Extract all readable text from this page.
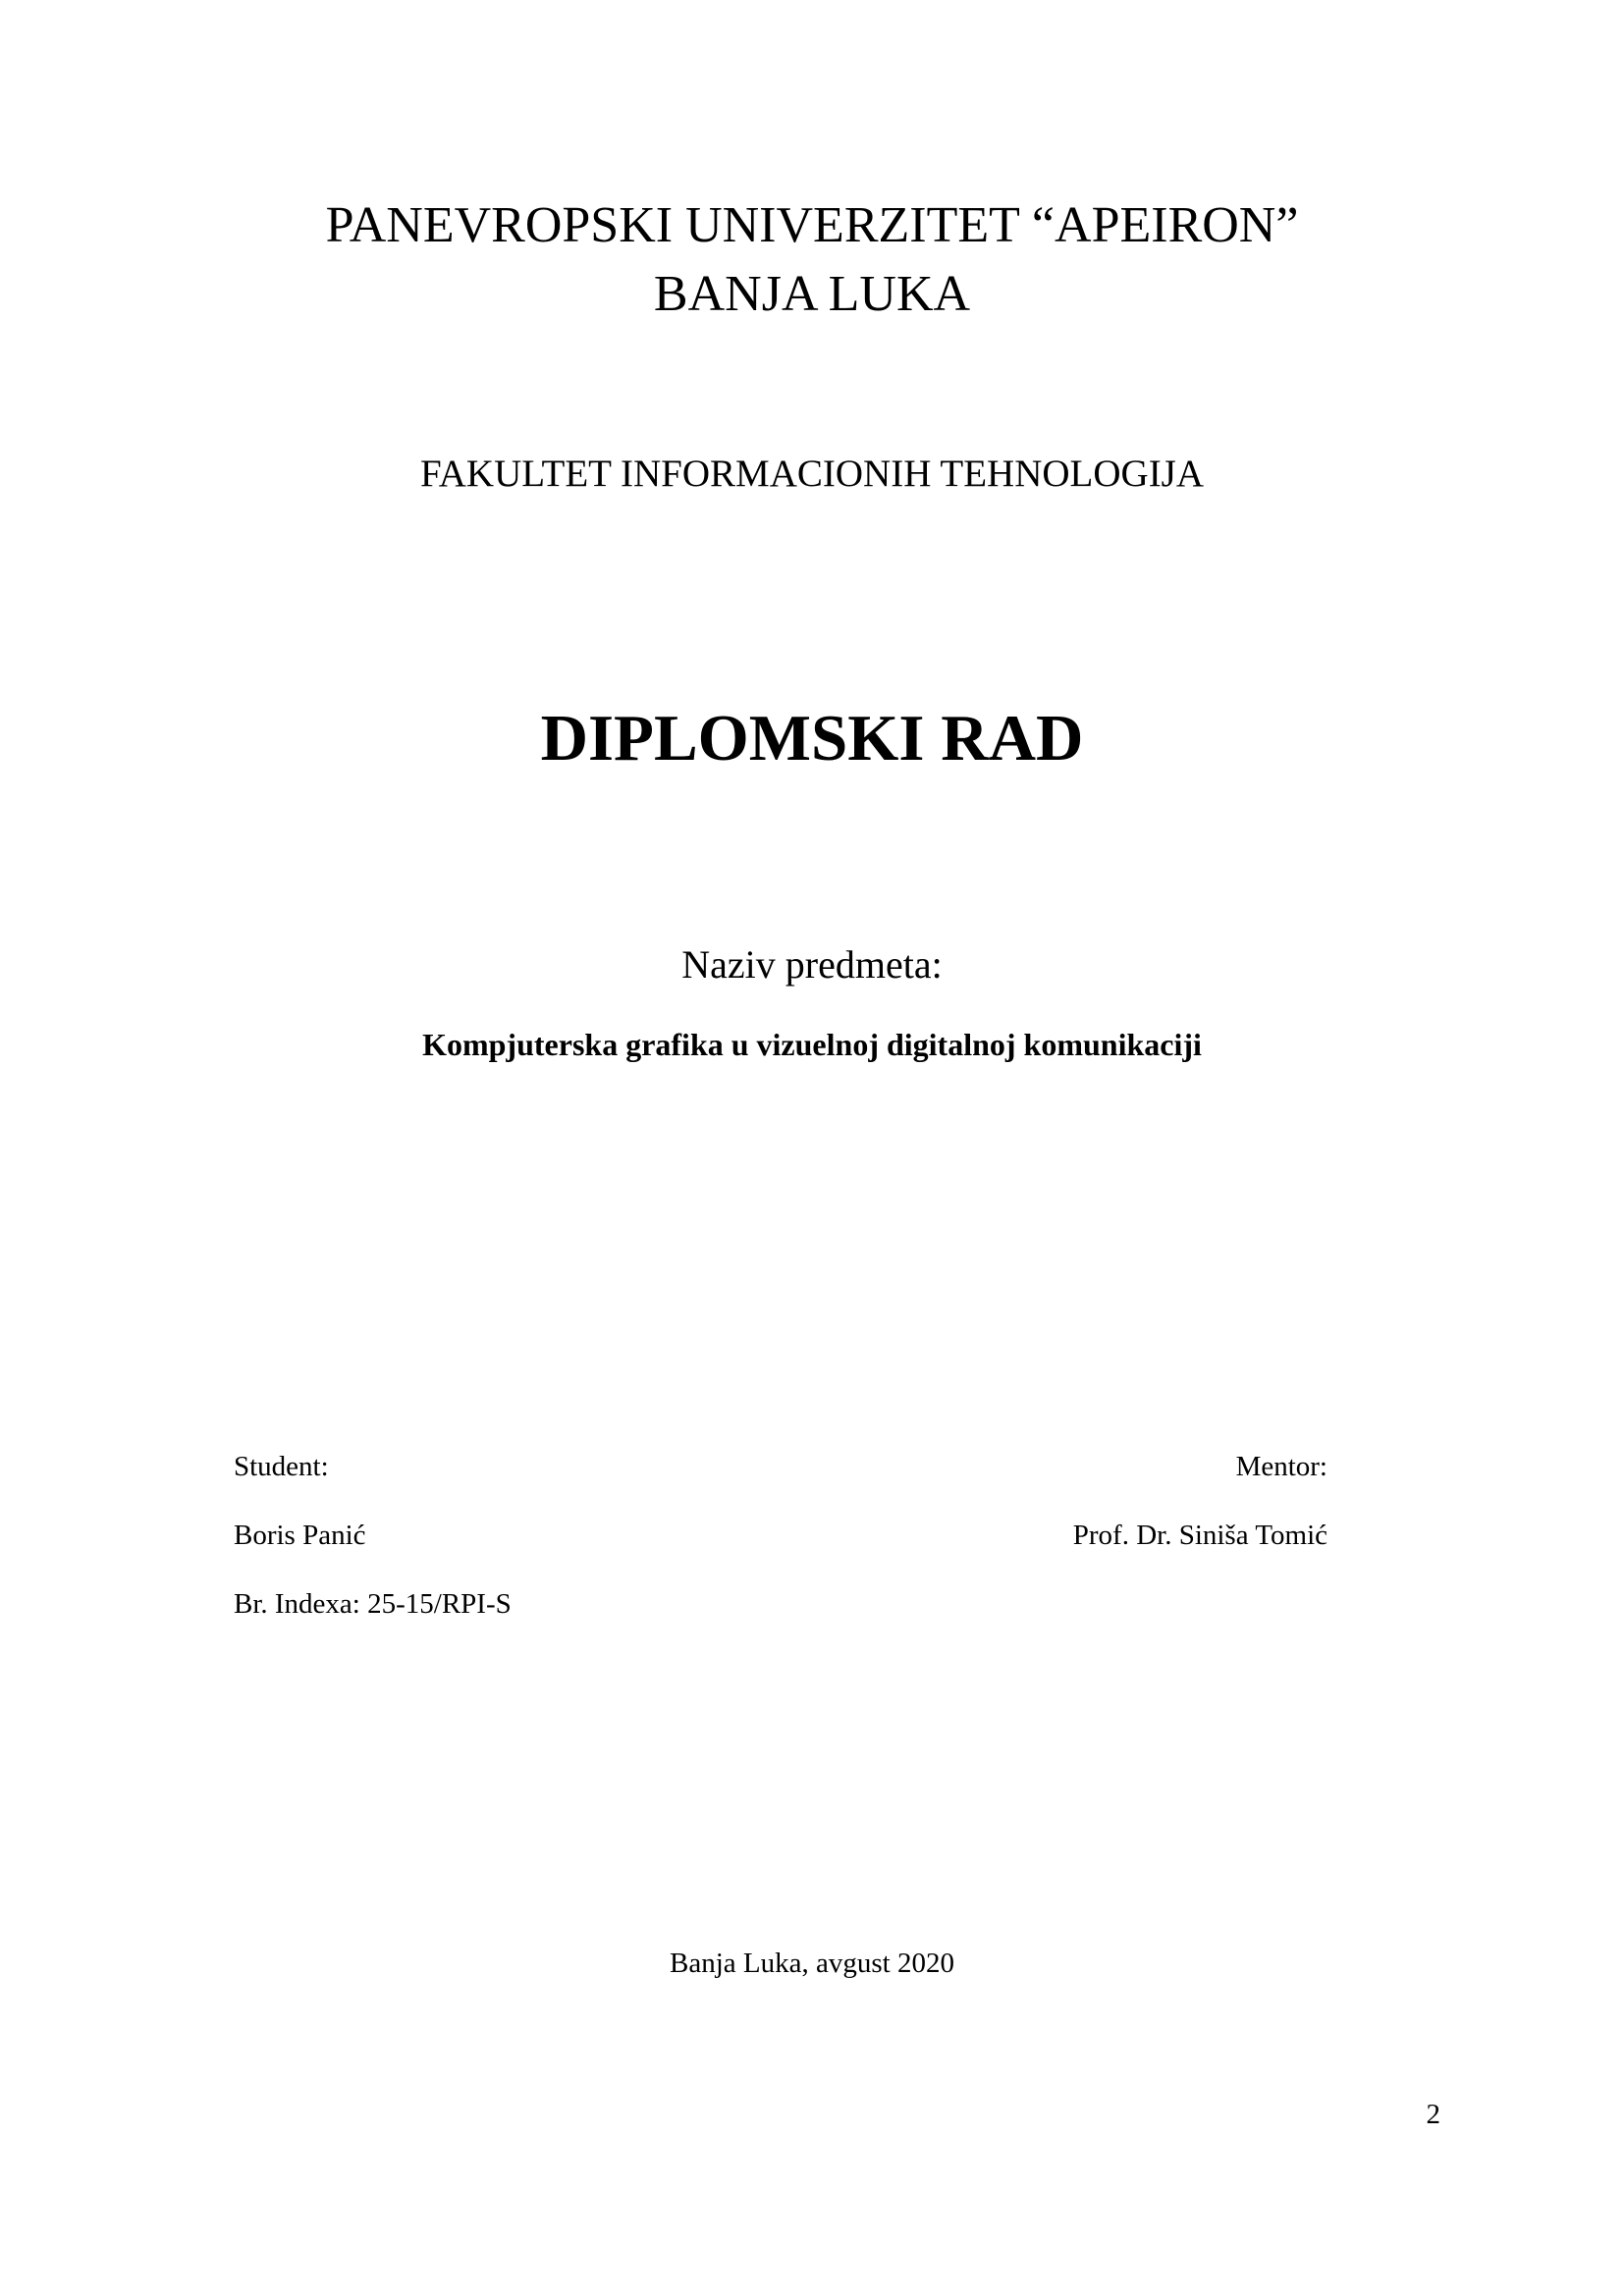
PANEVROPSKI UNIVERZITET “APEIRON”
BANJA LUKA
FAKULTET INFORMACIONIH TEHNOLOGIJA
DIPLOMSKI RAD
Naziv predmeta:
Kompjuterska grafika u vizuelnoj digitalnoj komunikaciji
Student:
Boris Panić
Br. Indexa: 25-15/RPI-S
Mentor:
Prof. Dr. Siniša Tomić
Banja Luka, avgust 2020
2
